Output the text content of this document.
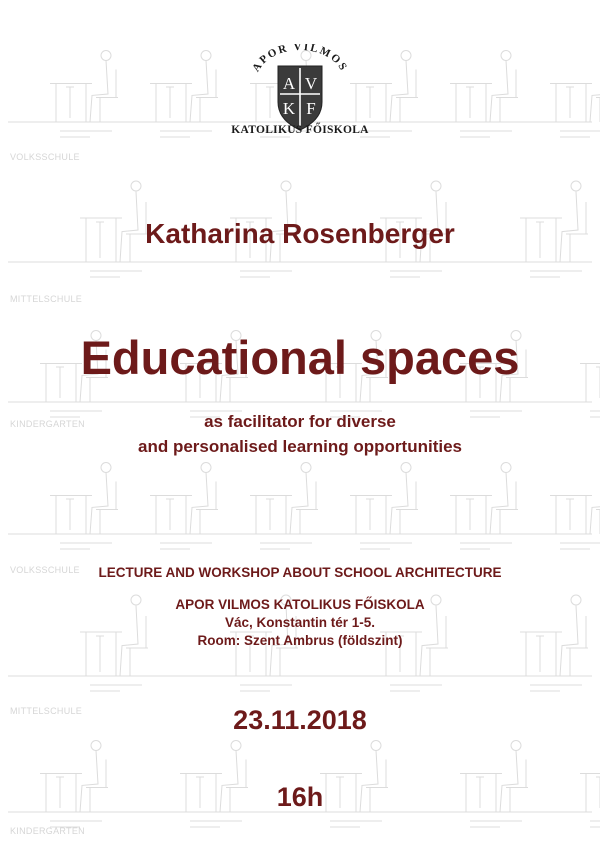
VOLKSSCHULE
MITTELSCHULE
KINDERGARTEN
VOLKSSCHULE
MITTELSCHULE
KINDERGARTEN
APOR VILMOS
A V
K F
KATOLIKUS FŐISKOLA
Katharina Rosenberger
Educational spaces
as facilitator for diverse
and personalised learning opportunities
LECTURE AND WORKSHOP ABOUT SCHOOL ARCHITECTURE
APOR VILMOS KATOLIKUS FŐISKOLA
Vác, Konstantin tér 1-5.
Room: Szent Ambrus (földszint)
23.11.2018
16h
